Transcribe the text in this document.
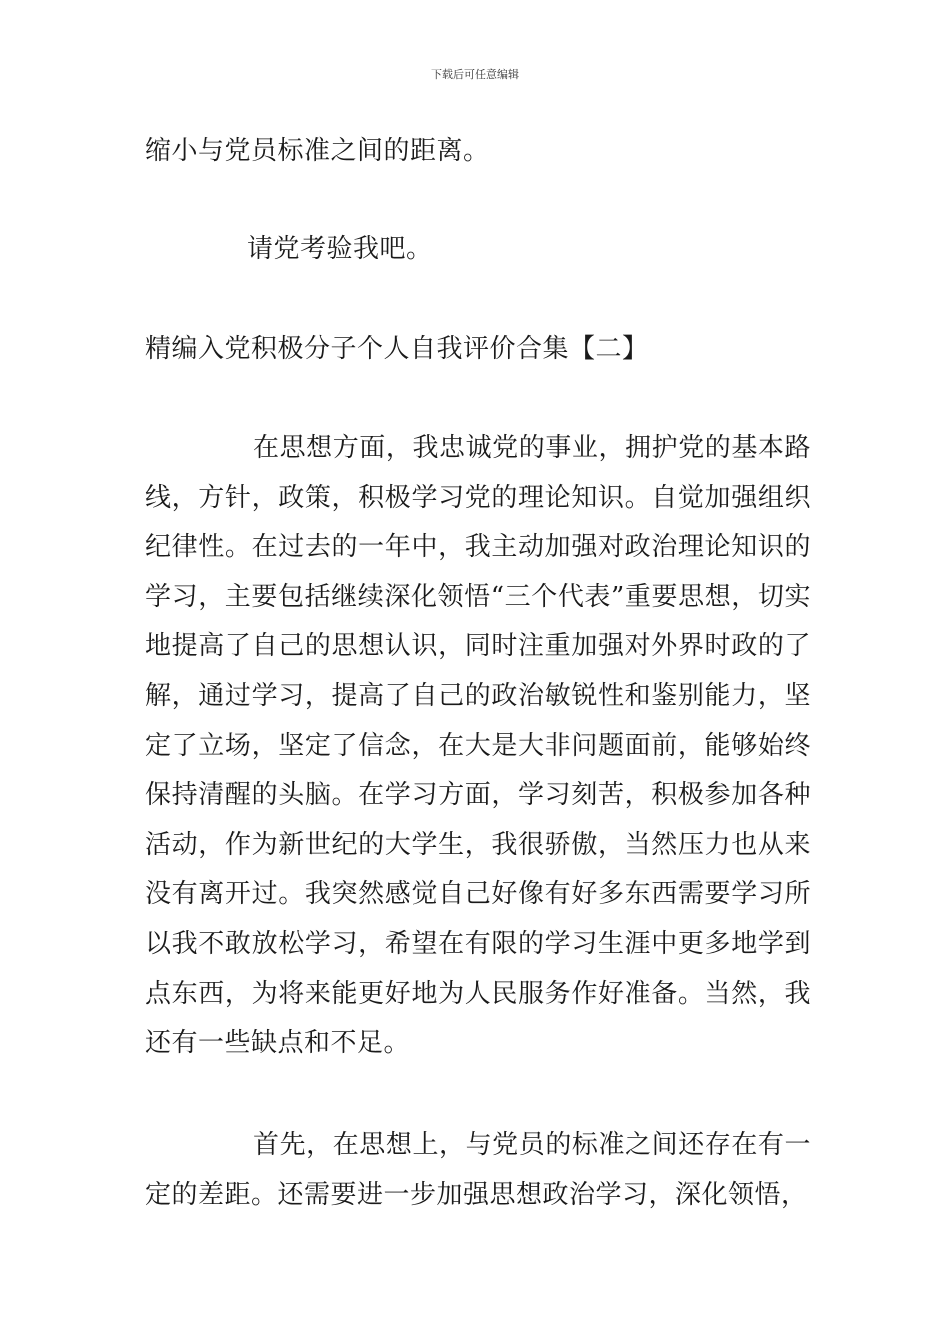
下载后可任意编辑
缩小与党员标准之间的距离。
请党考验我吧。
精编入党积极分子个人自我评价合集【二】
在思想方面，我忠诚党的事业，拥护党的基本路线，方针，政策，积极学习党的理论知识。自觉加强组织纪律性。在过去的一年中，我主动加强对政治理论知识的学习，主要包括继续深化领悟“三个代表”重要思想，切实地提高了自己的思想认识，同时注重加强对外界时政的了解，通过学习，提高了自己的政治敏锐性和鉴别能力，坚定了立场，坚定了信念，在大是大非问题面前，能够始终保持清醒的头脑。在学习方面，学习刻苦，积极参加各种活动，作为新世纪的大学生，我很骄傲，当然压力也从来没有离开过。我突然感觉自己好像有好多东西需要学习所以我不敢放松学习，希望在有限的学习生涯中更多地学到点东西，为将来能更好地为人民服务作好准备。当然，我还有一些缺点和不足。
首先，在思想上，与党员的标准之间还存在有一定的差距。还需要进一步加强思想政治学习，深化领悟，
